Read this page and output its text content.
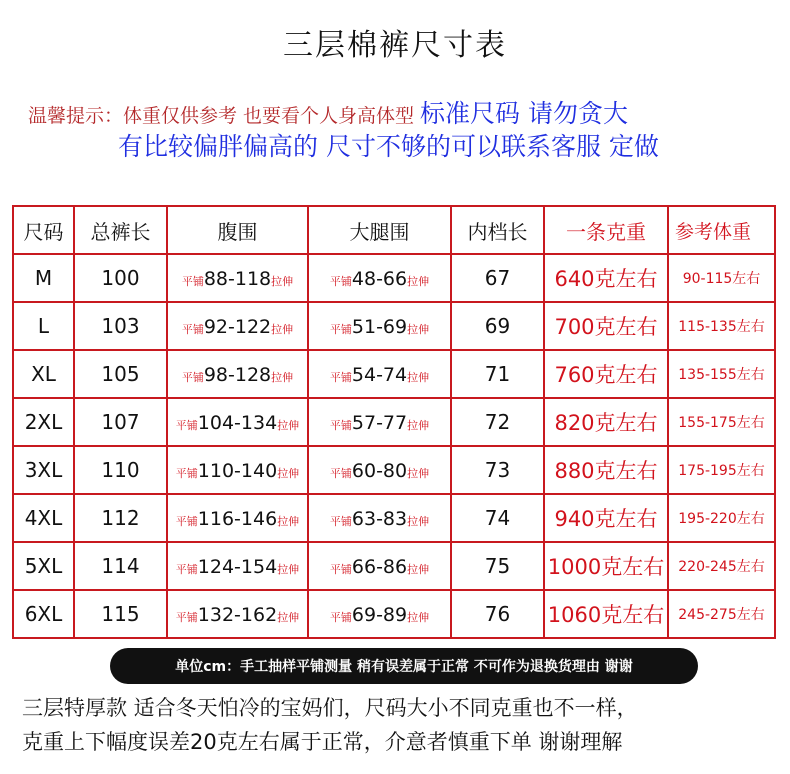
三层棉裤尺寸表
温馨提示：体重仅供参考 也要看个人身高体型 标准尺码 请勿贪大
有比较偏胖偏高的 尺寸不够的可以联系客服 定做
尺码	总裤长	腹围	大腿围	内档长	一条克重	参考体重
M	100	平铺88-118拉伸	平铺48-66拉伸	67	640克左右	90-115左右
L	103	平铺92-122拉伸	平铺51-69拉伸	69	700克左右	115-135左右
XL	105	平铺98-128拉伸	平铺54-74拉伸	71	760克左右	135-155左右
2XL	107	平铺104-134拉伸	平铺57-77拉伸	72	820克左右	155-175左右
3XL	110	平铺110-140拉伸	平铺60-80拉伸	73	880克左右	175-195左右
4XL	112	平铺116-146拉伸	平铺63-83拉伸	74	940克左右	195-220左右
5XL	114	平铺124-154拉伸	平铺66-86拉伸	75	1000克左右	220-245左右
6XL	115	平铺132-162拉伸	平铺69-89拉伸	76	1060克左右	245-275左右
单位cm：手工抽样平铺测量 稍有误差属于正常 不可作为退换货理由 谢谢
三层特厚款 适合冬天怕冷的宝妈们，尺码大小不同克重也不一样，
克重上下幅度误差20克左右属于正常，介意者慎重下单 谢谢理解
